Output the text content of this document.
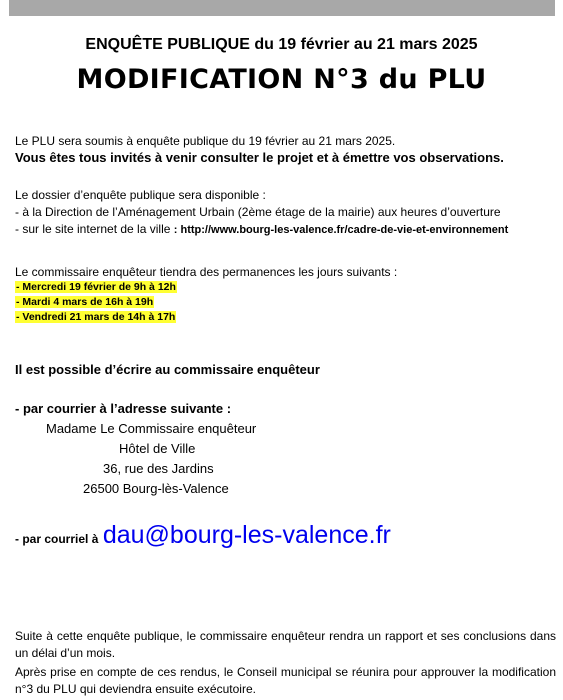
ENQUÊTE PUBLIQUE du 19 février au 21 mars 2025
MODIFICATION N°3 du PLU
Le PLU sera soumis à enquête publique du 19 février au 21 mars 2025.
Vous êtes tous invités à venir consulter le projet et à émettre vos observations.
Le dossier d’enquête publique sera disponible :
- à la Direction de l’Aménagement Urbain (2ème étage de la mairie) aux heures d’ouverture
- sur le site internet de la ville : http://www.bourg-les-valence.fr/cadre-de-vie-et-environnement
Le commissaire enquêteur tiendra des permanences les jours suivants :
- Mercredi 19 février de 9h à 12h
- Mardi 4 mars de 16h à 19h
- Vendredi 21 mars de 14h à 17h
Il est possible d’écrire au commissaire enquêteur
- par courrier à l’adresse suivante :
Madame Le Commissaire enquêteur
Hôtel de Ville
36, rue des Jardins
26500 Bourg-lès-Valence
- par courriel à dau@bourg-les-valence.fr
Suite à cette enquête publique, le commissaire enquêteur rendra un rapport et ses conclusions dans un délai d’un mois.
Après prise en compte de ces rendus, le Conseil municipal se réunira pour approuver la modification n°3 du PLU qui deviendra ensuite exécutoire.
